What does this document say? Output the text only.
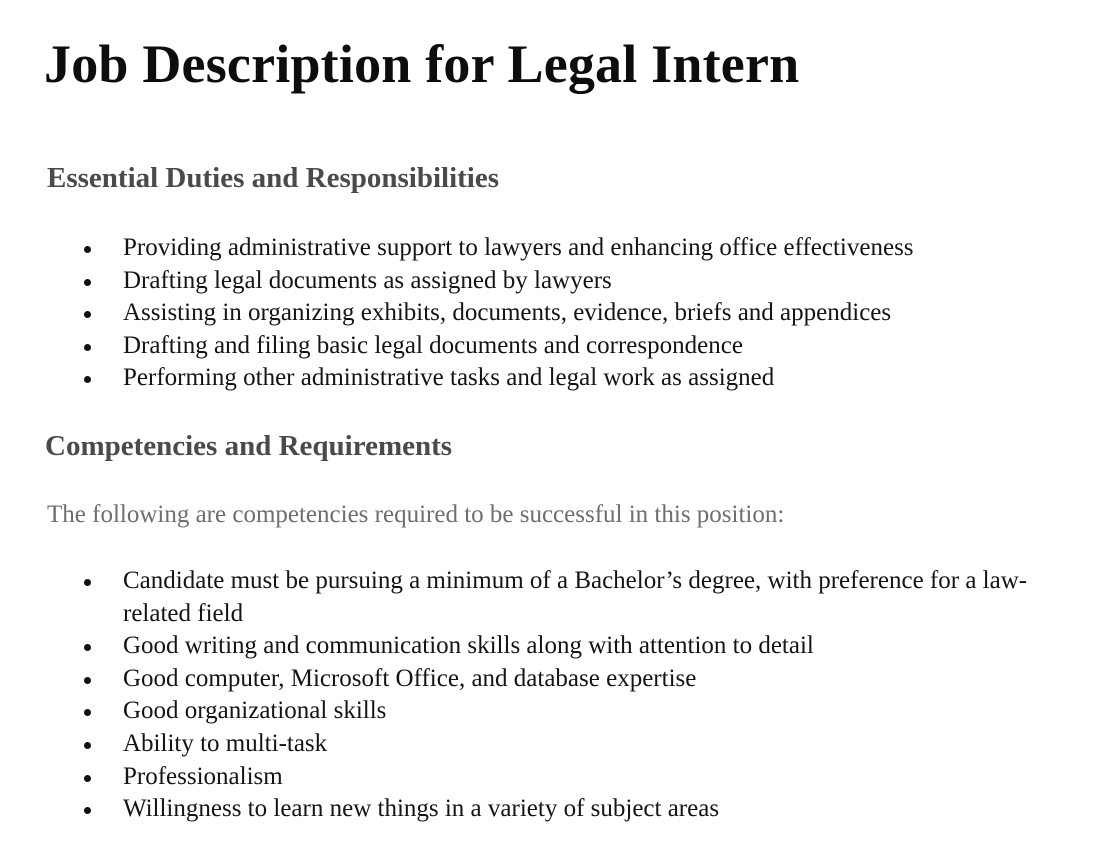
Job Description for Legal Intern
Essential Duties and Responsibilities
Providing administrative support to lawyers and enhancing office effectiveness
Drafting legal documents as assigned by lawyers
Assisting in organizing exhibits, documents, evidence, briefs and appendices
Drafting and filing basic legal documents and correspondence
Performing other administrative tasks and legal work as assigned
Competencies and Requirements

The following are competencies required to be successful in this position:

Candidate must be pursuing a minimum of a Bachelor’s degree, with preference for a law-related field
Good writing and communication skills along with attention to detail
Good computer, Microsoft Office, and database expertise
Good organizational skills
Ability to multi-task
Professionalism
Willingness to learn new things in a variety of subject areas
